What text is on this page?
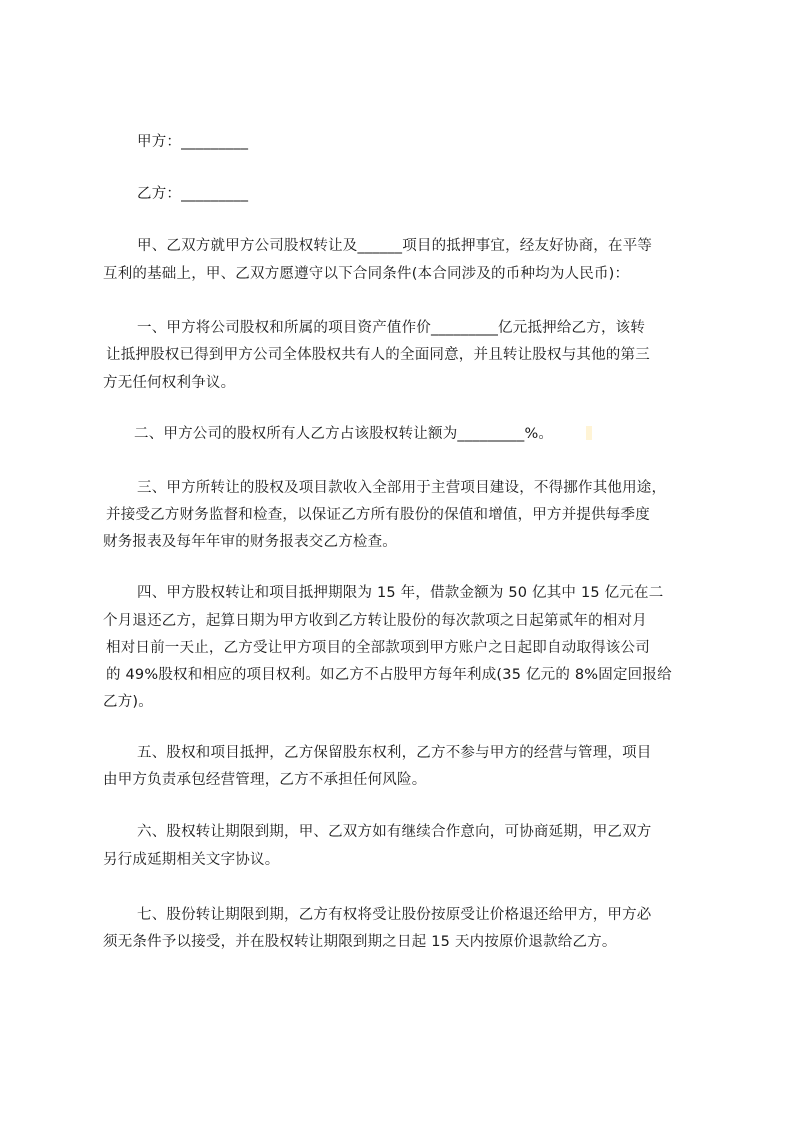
甲方：_________
乙方：_________
甲、乙双方就甲方公司股权转让及______项目的抵押事宜，经友好协商，在平等
互利的基础上，甲、乙双方愿遵守以下合同条件(本合同涉及的币种均为人民币)：
一、甲方将公司股权和所属的项目资产值作价_________亿元抵押给乙方，该转
让抵押股权已得到甲方公司全体股权共有人的全面同意，并且转让股权与其他的第三
方无任何权利争议。
二、甲方公司的股权所有人乙方占该股权转让额为_________%。
三、甲方所转让的股权及项目款收入全部用于主营项目建设，不得挪作其他用途，
并接受乙方财务监督和检查，以保证乙方所有股份的保值和增值，甲方并提供每季度
财务报表及每年年审的财务报表交乙方检查。
四、甲方股权转让和项目抵押期限为 15 年，借款金额为 50 亿其中 15 亿元在二
个月退还乙方，起算日期为甲方收到乙方转让股份的每次款项之日起第贰年的相对月
相对日前一天止，乙方受让甲方项目的全部款项到甲方账户之日起即自动取得该公司
的 49%股权和相应的项目权利。如乙方不占股甲方每年利成(35 亿元的 8%固定回报给
乙方)。
五、股权和项目抵押，乙方保留股东权利，乙方不参与甲方的经营与管理，项目
由甲方负责承包经营管理，乙方不承担任何风险。
六、股权转让期限到期，甲、乙双方如有继续合作意向，可协商延期，甲乙双方
另行成延期相关文字协议。
七、股份转让期限到期，乙方有权将受让股份按原受让价格退还给甲方，甲方必
须无条件予以接受，并在股权转让期限到期之日起 15 天内按原价退款给乙方。
